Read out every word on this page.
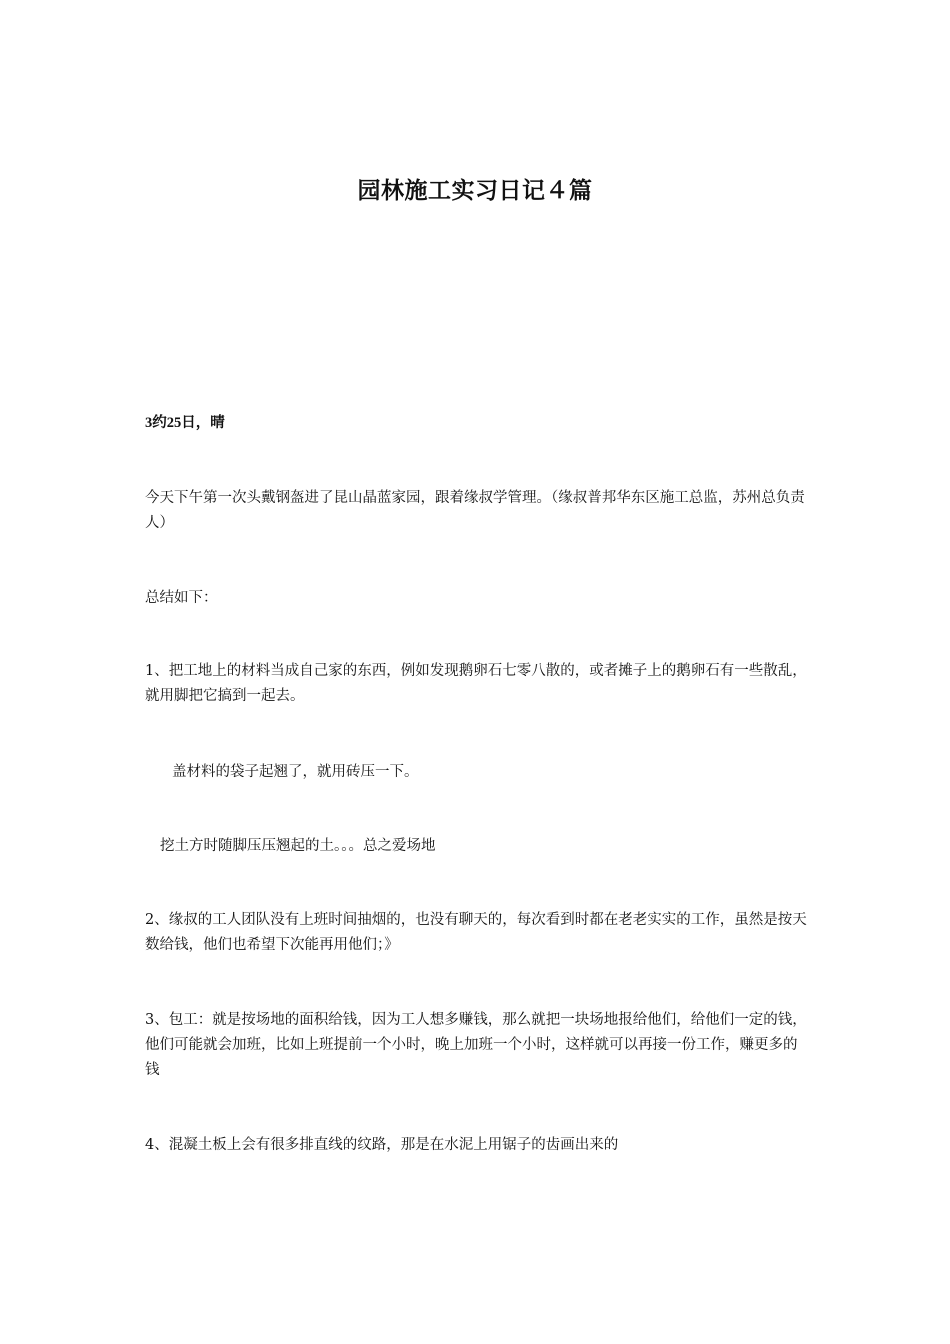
园林施工实习日记４篇

3约25日，晴

今天下午第一次头戴钢盔进了昆山晶蓝家园，跟着缘叔学管理。（缘叔普邦华东区施工总监，苏州总负责人）

总结如下：

1、把工地上的材料当成自己家的东西，例如发现鹅卵石七零八散的，或者摊子上的鹅卵石有一些散乱，就用脚把它搞到一起去。

盖材料的袋子起翘了，就用砖压一下。

挖土方时随脚压压翘起的土。。。总之爱场地

2、缘叔的工人团队没有上班时间抽烟的，也没有聊天的，每次看到时都在老老实实的工作，虽然是按天数给钱，他们也希望下次能再用他们；》

3、包工：就是按场地的面积给钱，因为工人想多赚钱，那么就把一块场地报给他们，给他们一定的钱，他们可能就会加班，比如上班提前一个小时，晚上加班一个小时，这样就可以再接一份工作，赚更多的钱

4、混凝土板上会有很多排直线的纹路，那是在水泥上用锯子的齿画出来的
